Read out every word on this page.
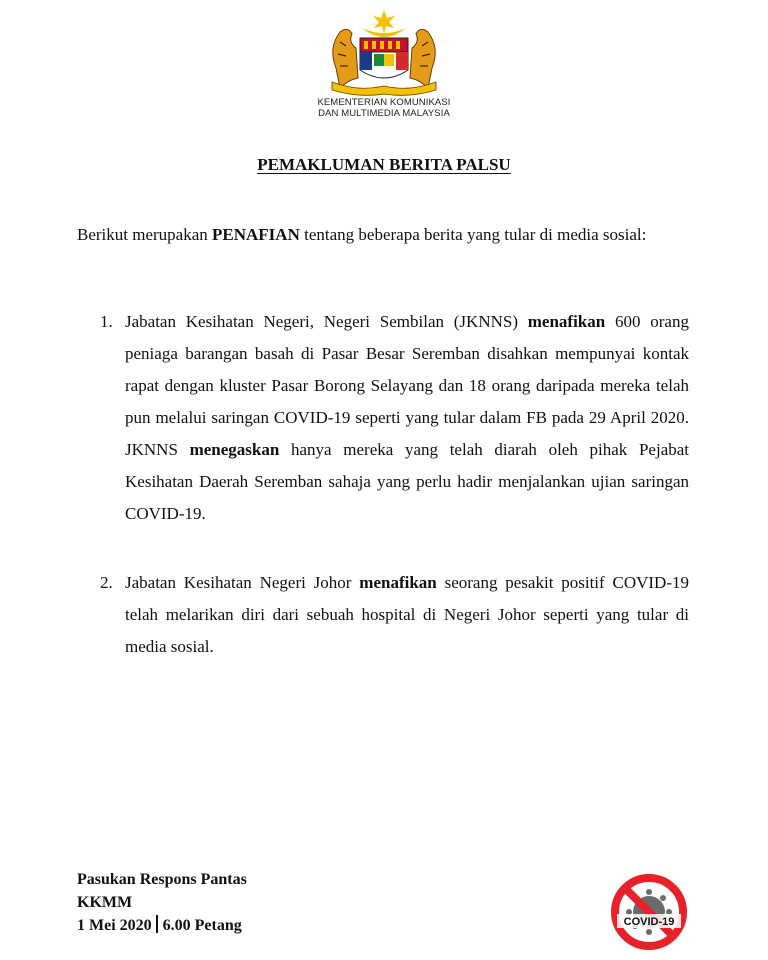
KEMENTERIAN KOMUNIKASI
DAN MULTIMEDIA MALAYSIA
PEMAKLUMAN BERITA PALSU
Berikut merupakan PENAFIAN tentang beberapa berita yang tular di media sosial:
1. Jabatan Kesihatan Negeri, Negeri Sembilan (JKNNS) menafikan 600 orang peniaga barangan basah di Pasar Besar Seremban disahkan mempunyai kontak rapat dengan kluster Pasar Borong Selayang dan 18 orang daripada mereka telah pun melalui saringan COVID-19 seperti yang tular dalam FB pada 29 April 2020. JKNNS menegaskan hanya mereka yang telah diarah oleh pihak Pejabat Kesihatan Daerah Seremban sahaja yang perlu hadir menjalankan ujian saringan COVID-19.
2. Jabatan Kesihatan Negeri Johor menafikan seorang pesakit positif COVID-19 telah melarikan diri dari sebuah hospital di Negeri Johor seperti yang tular di media sosial.
Pasukan Respons Pantas
KKMM
1 Mei 2020 6.00 Petang	COVID-19
